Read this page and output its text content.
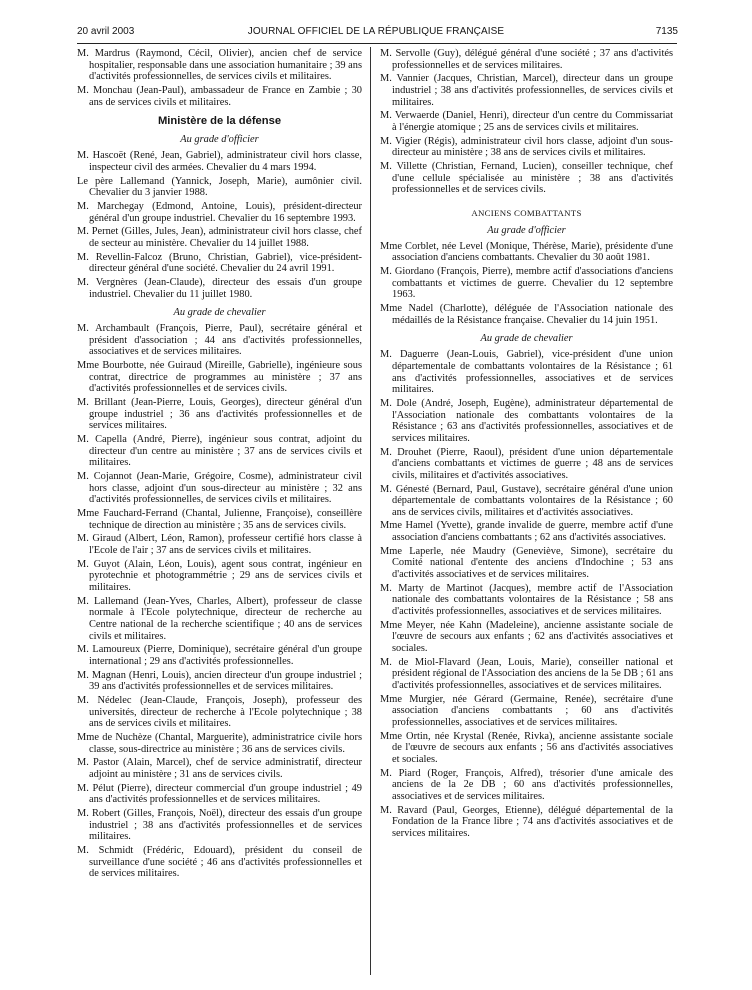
20 avril 2003	JOURNAL OFFICIEL DE LA RÉPUBLIQUE FRANÇAISE	7135

M. Mardrus (Raymond, Cécil, Olivier), ancien chef de service hospitalier, responsable dans une association humanitaire ; 39 ans d'activités professionnelles, de services civils et militaires.

M. Monchau (Jean-Paul), ambassadeur de France en Zambie ; 30 ans de services civils et militaires.

Ministère de la défense
Au grade d'officier

M. Hascoët (René, Jean, Gabriel), administrateur civil hors classe, inspecteur civil des armées. Chevalier du 4 mars 1994.

Le père Lallemand (Yannick, Joseph, Marie), aumônier civil. Chevalier du 3 janvier 1988.

M. Marchegay (Edmond, Antoine, Louis), président-directeur général d'un groupe industriel. Chevalier du 16 septembre 1993.

M. Pernet (Gilles, Jules, Jean), administrateur civil hors classe, chef de secteur au ministère. Chevalier du 14 juillet 1988.

M. Revellin-Falcoz (Bruno, Christian, Gabriel), vice-président-directeur général d'une société. Chevalier du 24 avril 1991.

M. Vergnères (Jean-Claude), directeur des essais d'un groupe industriel. Chevalier du 11 juillet 1980.

Au grade de chevalier

M. Archambault (François, Pierre, Paul), secrétaire général et président d'association ; 44 ans d'activités professionnelles, associatives et de services militaires.

Mme Bourbotte, née Guiraud (Mireille, Gabrielle), ingénieure sous contrat, directrice de programmes au ministère ; 37 ans d'activités professionnelles et de services civils.

M. Brillant (Jean-Pierre, Louis, Georges), directeur général d'un groupe industriel ; 36 ans d'activités professionnelles et de services militaires.

M. Capella (André, Pierre), ingénieur sous contrat, adjoint du directeur d'un centre au ministère ; 37 ans de services civils et militaires.

M. Cojannot (Jean-Marie, Grégoire, Cosme), administrateur civil hors classe, adjoint d'un sous-directeur au ministère ; 32 ans d'activités professionnelles, de services civils et militaires.

Mme Fauchard-Ferrand (Chantal, Julienne, Françoise), conseillère technique de direction au ministère ; 35 ans de services civils.

M. Giraud (Albert, Léon, Ramon), professeur certifié hors classe à l'Ecole de l'air ; 37 ans de services civils et militaires.

M. Guyot (Alain, Léon, Louis), agent sous contrat, ingénieur en pyrotechnie et photogrammétrie ; 29 ans de services civils et militaires.

M. Lallemand (Jean-Yves, Charles, Albert), professeur de classe normale à l'Ecole polytechnique, directeur de recherche au Centre national de la recherche scientifique ; 40 ans de services civils et militaires.

M. Lamoureux (Pierre, Dominique), secrétaire général d'un groupe international ; 29 ans d'activités professionnelles.

M. Magnan (Henri, Louis), ancien directeur d'un groupe industriel ; 39 ans d'activités professionnelles et de services militaires.

M. Nédelec (Jean-Claude, François, Joseph), professeur des universités, directeur de recherche à l'Ecole polytechnique ; 38 ans de services civils et militaires.

Mme de Nuchèze (Chantal, Marguerite), administratrice civile hors classe, sous-directrice au ministère ; 36 ans de services civils.

M. Pastor (Alain, Marcel), chef de service administratif, directeur adjoint au ministère ; 31 ans de services civils.

M. Pélut (Pierre), directeur commercial d'un groupe industriel ; 49 ans d'activités professionnelles et de services militaires.

M. Robert (Gilles, François, Noël), directeur des essais d'un groupe industriel ; 38 ans d'activités professionnelles et de services militaires.

M. Schmidt (Frédéric, Edouard), président du conseil de surveillance d'une société ; 46 ans d'activités professionnelles et de services militaires.

M. Servolle (Guy), délégué général d'une société ; 37 ans d'activités professionnelles et de services militaires.

M. Vannier (Jacques, Christian, Marcel), directeur dans un groupe industriel ; 38 ans d'activités professionnelles, de services civils et militaires.

M. Verwaerde (Daniel, Henri), directeur d'un centre du Commissariat à l'énergie atomique ; 25 ans de services civils et militaires.

M. Vigier (Régis), administrateur civil hors classe, adjoint d'un sous-directeur au ministère ; 38 ans de services civils et militaires.

M. Villette (Christian, Fernand, Lucien), conseiller technique, chef d'une cellule spécialisée au ministère ; 38 ans d'activités professionnelles et de services civils.

ANCIENS COMBATTANTS
Au grade d'officier

Mme Corblet, née Level (Monique, Thérèse, Marie), présidente d'une association d'anciens combattants. Chevalier du 30 août 1981.

M. Giordano (François, Pierre), membre actif d'associations d'anciens combattants et victimes de guerre. Chevalier du 12 septembre 1963.

Mme Nadel (Charlotte), déléguée de l'Association nationale des médaillés de la Résistance française. Chevalier du 14 juin 1951.

Au grade de chevalier

M. Daguerre (Jean-Louis, Gabriel), vice-président d'une union départementale de combattants volontaires de la Résistance ; 61 ans d'activités professionnelles, associatives et de services militaires.

M. Dole (André, Joseph, Eugène), administrateur départemental de l'Association nationale des combattants volontaires de la Résistance ; 63 ans d'activités professionnelles, associatives et de services militaires.

M. Drouhet (Pierre, Raoul), président d'une union départementale d'anciens combattants et victimes de guerre ; 48 ans de services civils, militaires et d'activités associatives.

M. Génesté (Bernard, Paul, Gustave), secrétaire général d'une union départementale de combattants volontaires de la Résistance ; 60 ans de services civils, militaires et d'activités associatives.

Mme Hamel (Yvette), grande invalide de guerre, membre actif d'une association d'anciens combattants ; 62 ans d'activités associatives.

Mme Laperle, née Maudry (Geneviève, Simone), secrétaire du Comité national d'entente des anciens d'Indochine ; 53 ans d'activités associatives et de services militaires.

M. Marty de Martinot (Jacques), membre actif de l'Association nationale des combattants volontaires de la Résistance ; 58 ans d'activités professionnelles, associatives et de services militaires.

Mme Meyer, née Kahn (Madeleine), ancienne assistante sociale de l'œuvre de secours aux enfants ; 62 ans d'activités associatives et sociales.

M. de Miol-Flavard (Jean, Louis, Marie), conseiller national et président régional de l'Association des anciens de la 5e DB ; 61 ans d'activités professionnelles, associatives et de services militaires.

Mme Murgier, née Gérard (Germaine, Renée), secrétaire d'une association d'anciens combattants ; 60 ans d'activités professionnelles, associatives et de services militaires.

Mme Ortin, née Krystal (Renée, Rivka), ancienne assistante sociale de l'œuvre de secours aux enfants ; 56 ans d'activités associatives et sociales.

M. Piard (Roger, François, Alfred), trésorier d'une amicale des anciens de la 2e DB ; 60 ans d'activités professionnelles, associatives et de services militaires.

M. Ravard (Paul, Georges, Etienne), délégué départemental de la Fondation de la France libre ; 74 ans d'activités associatives et de services militaires.
